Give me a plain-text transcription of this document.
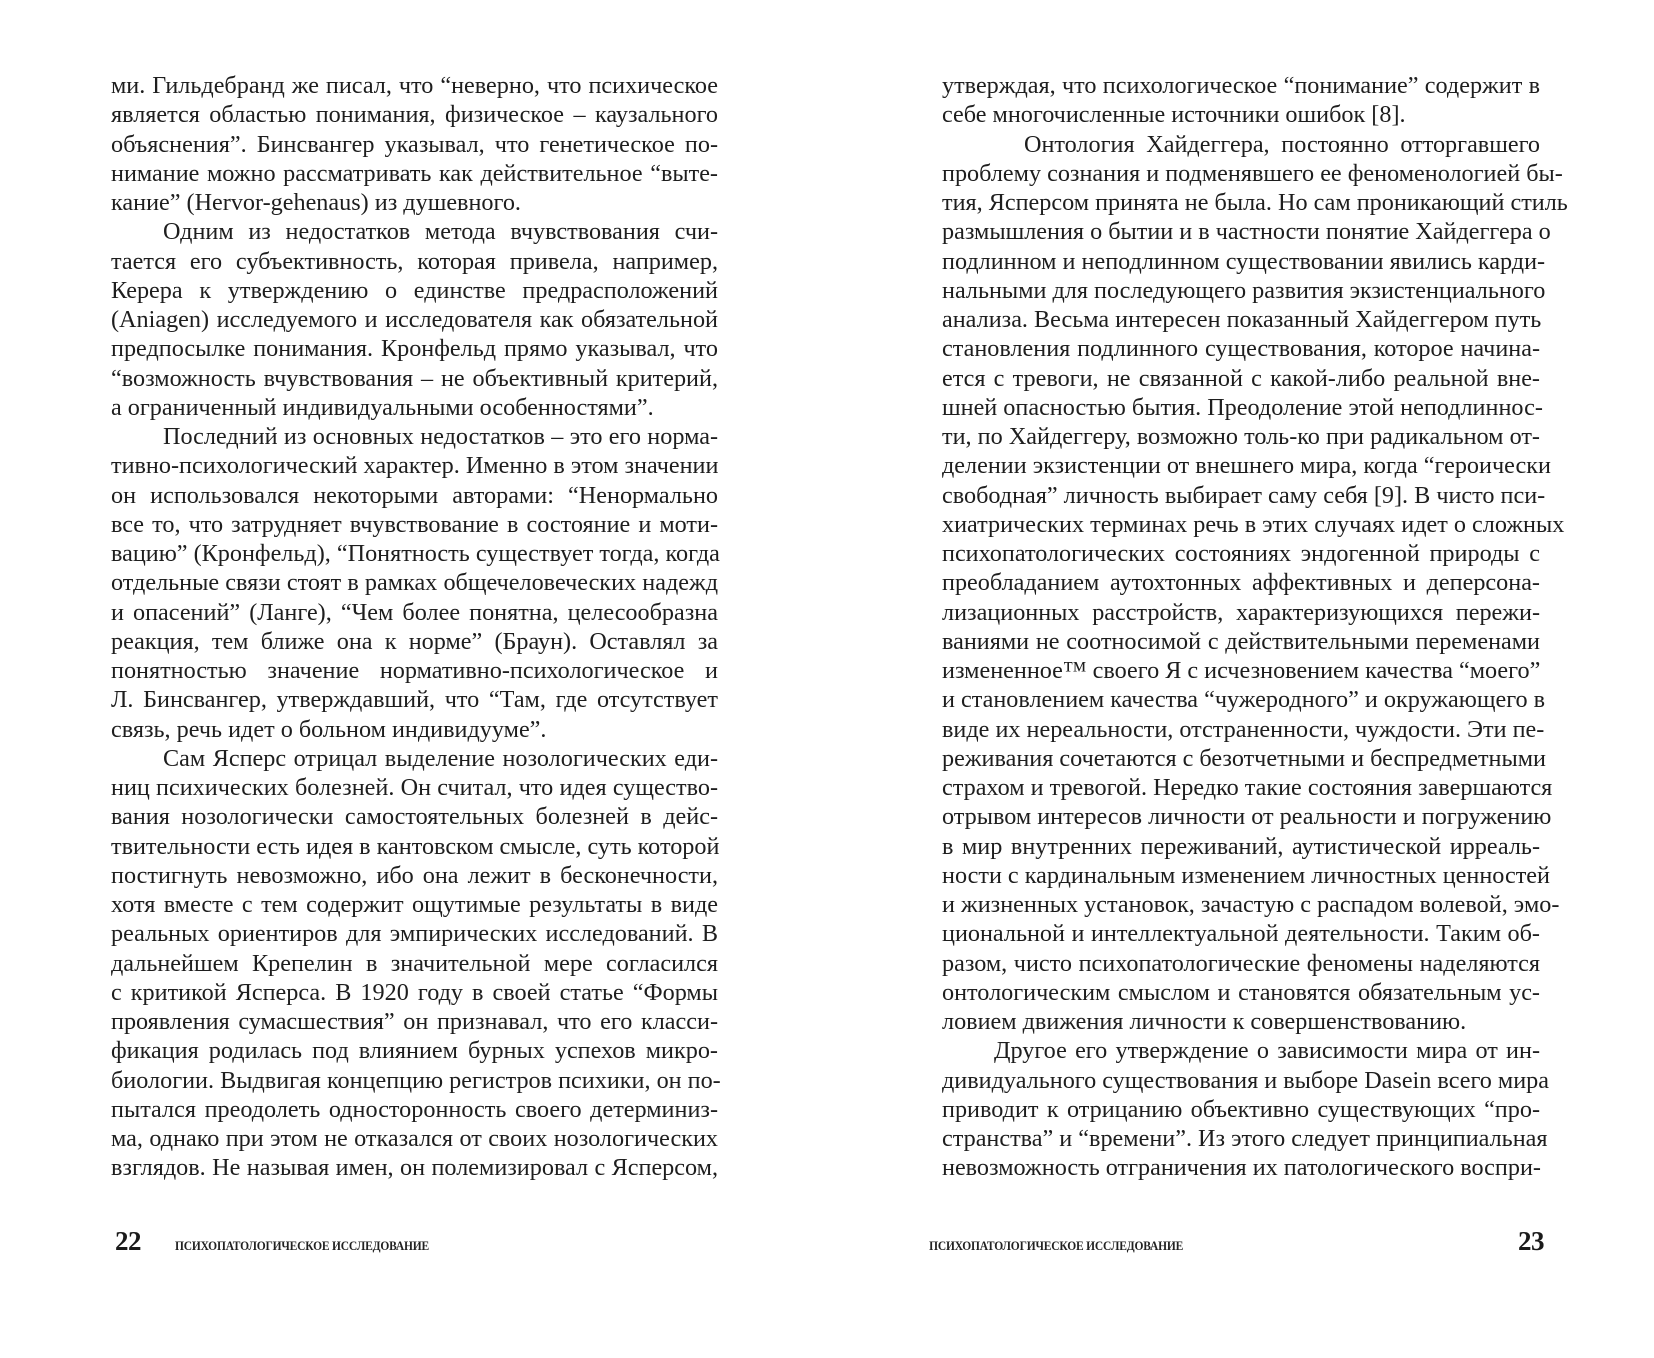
ми. Гильдебранд же писал, что “неверно, что психическое
является областью понимания, физическое – каузального
объяснения”. Бинсвангер указывал, что генетическое по-
нимание можно рассматривать как действительное “выте-
кание” (Hervor-gehenaus) из душевного.
Одним из недостатков метода вчувствования счи-
тается его субъективность, которая привела, например,
Керера к утверждению о единстве предрасположений
(Aniagen) исследуемого и исследователя как обязательной
предпосылке понимания. Кронфельд прямо указывал, что
“возможность вчувствования – не объективный критерий,
а ограниченный индивидуальными особенностями”.
Последний из основных недостатков – это его норма-
тивно-психологический характер. Именно в этом значении
он использовался некоторыми авторами: “Ненормально
все то, что затрудняет вчувствование в состояние и моти-
вацию” (Кронфельд), “Понятность существует тогда, когда
отдельные связи стоят в рамках общечеловеческих надежд
и опасений” (Ланге), “Чем более понятна, целесообразна
реакция, тем ближе она к норме” (Браун). Оставлял за
понятностью значение нормативно-психологическое и
Л. Бинсвангер, утверждавший, что “Там, где отсутствует
связь, речь идет о больном индивидууме”.
Сам Ясперс отрицал выделение нозологических еди-
ниц психических болезней. Он считал, что идея существо-
вания нозологически самостоятельных болезней в дейс-
твительности есть идея в кантовском смысле, суть которой
постигнуть невозможно, ибо она лежит в бесконечности,
хотя вместе с тем содержит ощутимые результаты в виде
реальных ориентиров для эмпирических исследований. В
дальнейшем Крепелин в значительной мере согласился
с критикой Ясперса. В 1920 году в своей статье “Формы
проявления сумасшествия” он признавал, что его класси-
фикация родилась под влиянием бурных успехов микро-
биологии. Выдвигая концепцию регистров психики, он по-
пытался преодолеть односторонность своего детерминиз-
ма, однако при этом не отказался от своих нозологических
взглядов. Не называя имен, он полемизировал с Ясперсом,
22	ПСИХОПАТОЛОГИЧЕСКОЕ ИССЛЕДОВАНИЕ
утверждая, что психологическое “понимание” содержит в
себе многочисленные источники ошибок [8].
Онтология Хайдеггера, постоянно отторгавшего
проблему сознания и подменявшего ее феноменологией бы-
тия, Ясперсом принята не была. Но сам проникающий стиль
размышления о бытии и в частности понятие Хайдеггера о
подлинном и неподлинном существовании явились карди-
нальными для последующего развития экзистенциального
анализа. Весьма интересен показанный Хайдеггером путь
становления подлинного существования, которое начина-
ется с тревоги, не связанной с какой-либо реальной вне-
шней опасностью бытия. Преодоление этой неподлиннос-
ти, по Хайдеггеру, возможно толь-ко при радикальном от-
делении экзистенции от внешнего мира, когда “героически
свободная” личность выбирает саму себя [9]. В чисто пси-
хиатрических терминах речь в этих случаях идет о сложных
психопатологических состояниях эндогенной природы с
преобладанием аутохтонных аффективных и деперсона-
лизационных расстройств, характеризующихся пережи-
ваниями не соотносимой с действительными переменами
измененное™ своего Я с исчезновением качества “моего”
и становлением качества “чужеродного” и окружающего в
виде их нереальности, отстраненности, чуждости. Эти пе-
реживания сочетаются с безотчетными и беспредметными
страхом и тревогой. Нередко такие состояния завершаются
отрывом интересов личности от реальности и погружению
в мир внутренних переживаний, аутистической ирреаль-
ности с кардинальным изменением личностных ценностей
и жизненных установок, зачастую с распадом волевой, эмо-
циональной и интеллектуальной деятельности. Таким об-
разом, чисто психопатологические феномены наделяются
онтологическим смыслом и становятся обязательным ус-
ловием движения личности к совершенствованию.
Другое его утверждение о зависимости мира от ин-
дивидуального существования и выборе Dasein всего мира
приводит к отрицанию объективно существующих “про-
странства” и “времени”. Из этого следует принципиальная
невозможность отграничения их патологического воспри-
ПСИХОПАТОЛОГИЧЕСКОЕ ИССЛЕДОВАНИЕ	23
